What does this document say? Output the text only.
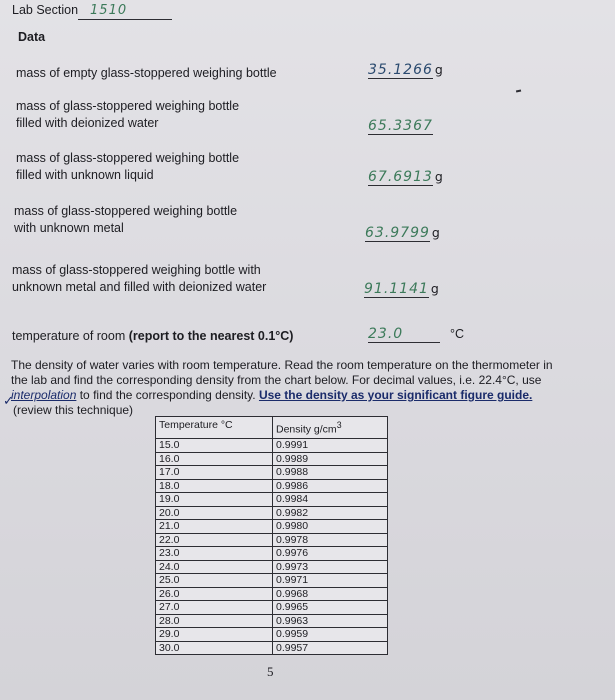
Lab Section 1510
Data
mass of empty glass-stoppered weighing bottle	35.1266 g
mass of glass-stoppered weighing bottle
filled with deionized water	65.3367
mass of glass-stoppered weighing bottle
filled with unknown liquid	67.6913 g
mass of glass-stoppered weighing bottle
with unknown metal	63.9799 g
mass of glass-stoppered weighing bottle with
unknown metal and filled with deionized water	91.1141 g
temperature of room (report to the nearest 0.1°C)	23.0	°C
The density of water varies with room temperature. Read the room temperature on the thermometer in
the lab and find the corresponding density from the chart below. For decimal values, i.e. 22.4°C, use
interpolation to find the corresponding density. Use the density as your significant figure guide.
(review this technique)
✓
Temperature °C	Density $g/cm^3$
15.0	0.9991
16.0	0.9989
17.0	0.9988
18.0	0.9986
19.0	0.9984
20.0	0.9982
21.0	0.9980
22.0	0.9978
23.0	0.9976
24.0	0.9973
25.0	0.9971
26.0	0.9968
27.0	0.9965
28.0	0.9963
29.0	0.9959
30.0	0.9957
5
